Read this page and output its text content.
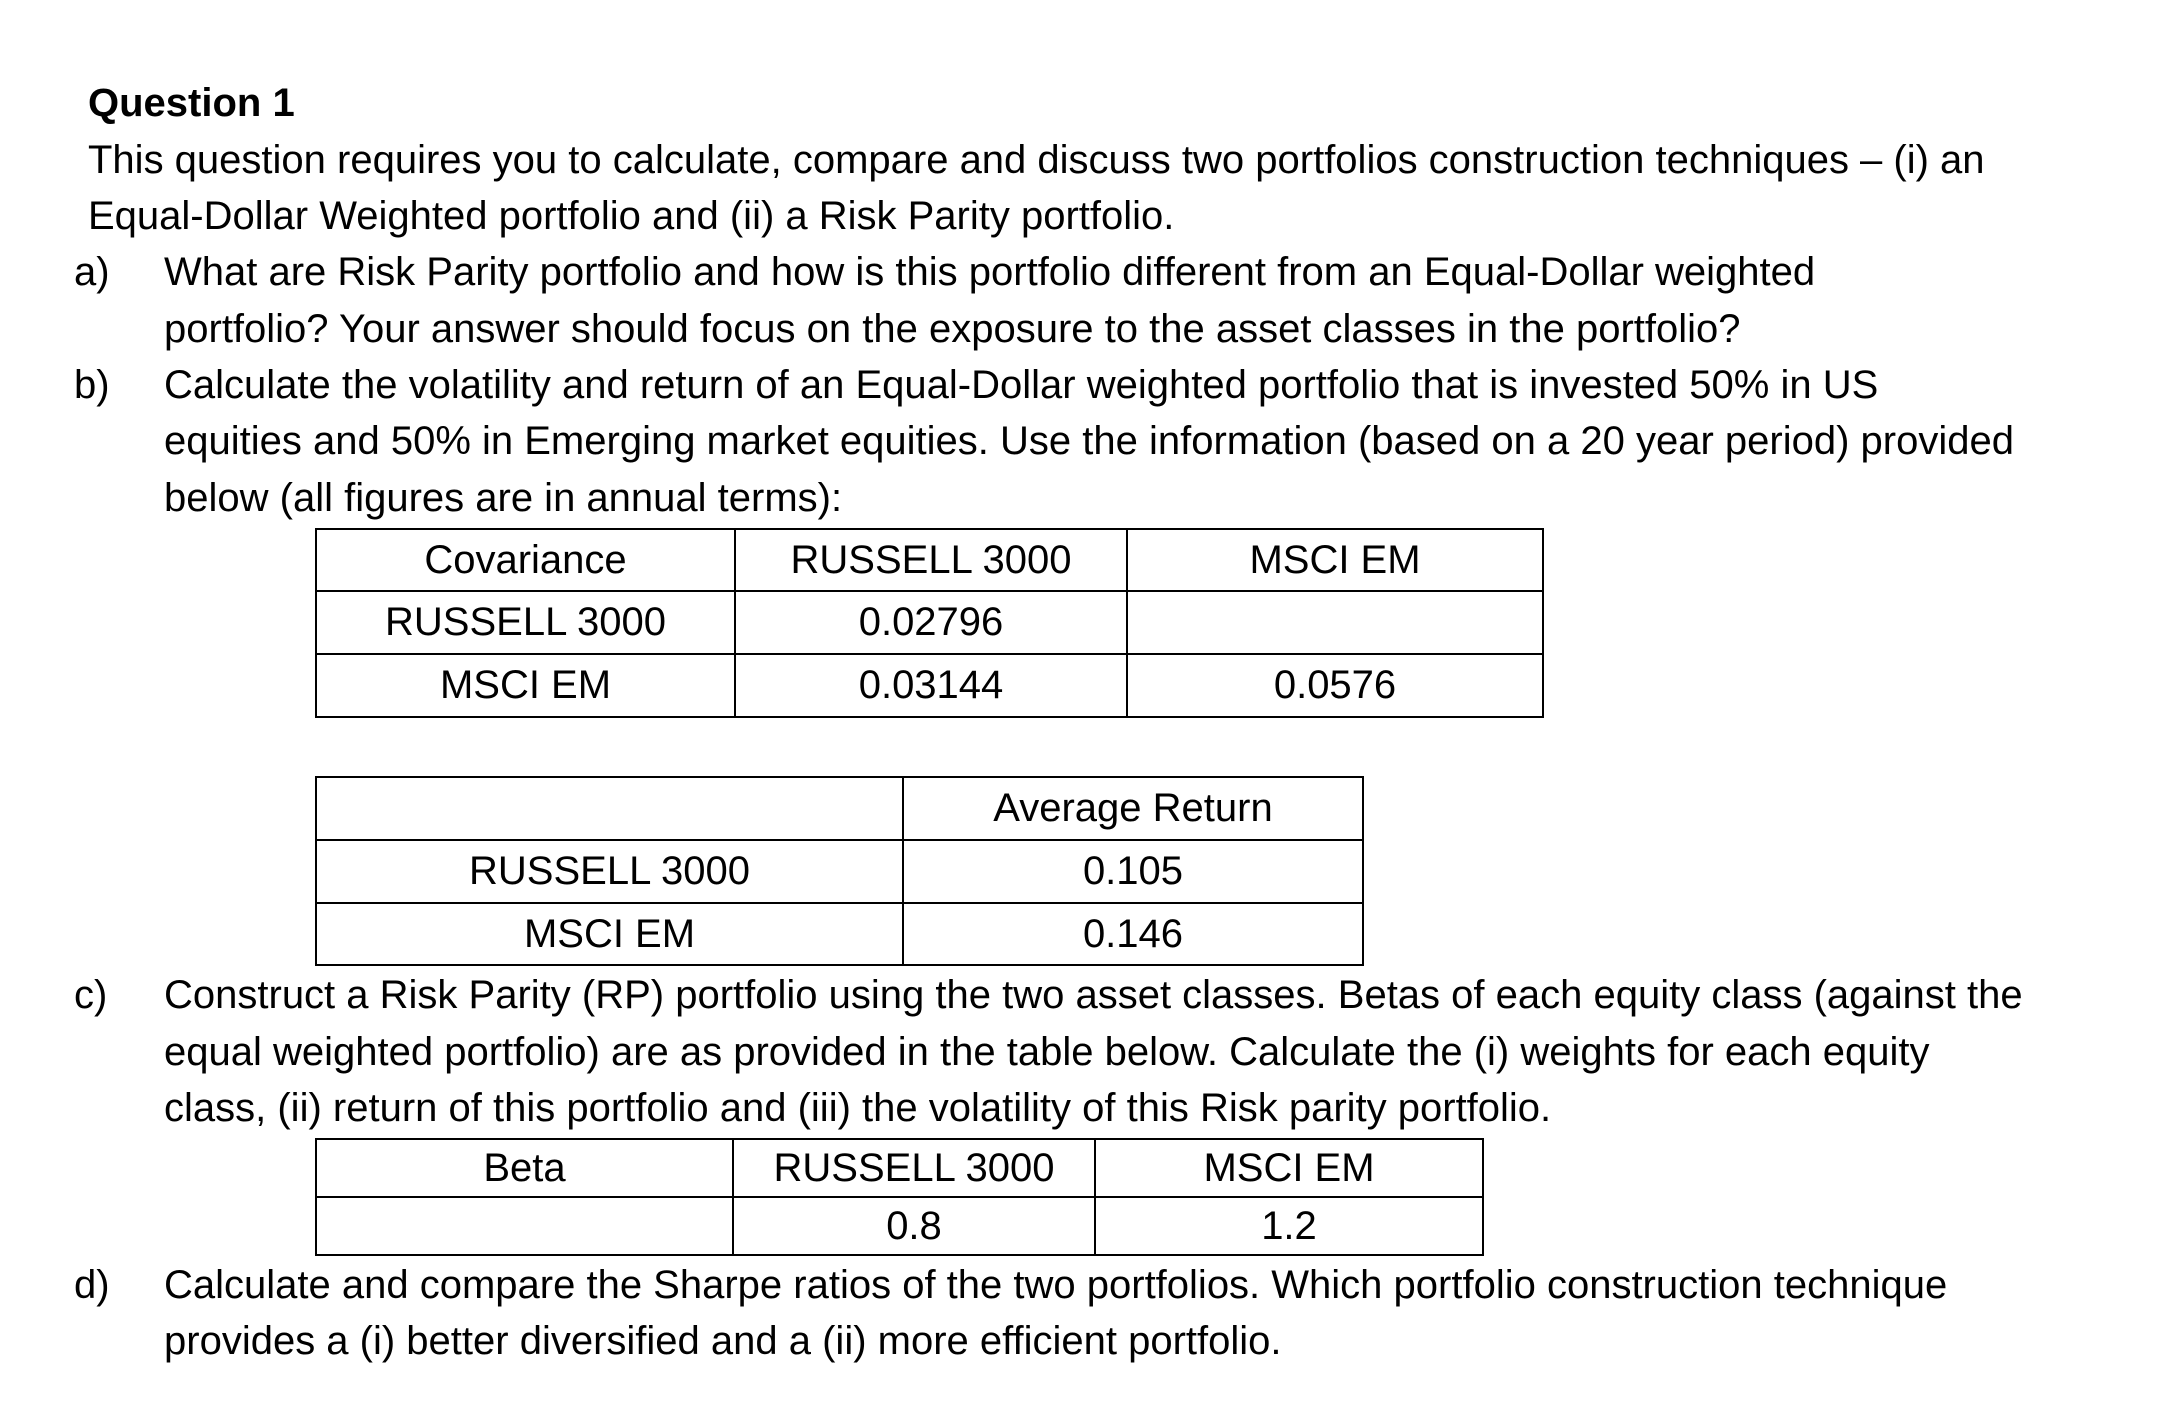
Question 1
This question requires you to calculate, compare and discuss two portfolios construction techniques – (i) an
Equal-Dollar Weighted portfolio and (ii) a Risk Parity portfolio.
a) What are Risk Parity portfolio and how is this portfolio different from an Equal-Dollar weighted
portfolio? Your answer should focus on the exposure to the asset classes in the portfolio?
b) Calculate the volatility and return of an Equal-Dollar weighted portfolio that is invested 50% in US
equities and 50% in Emerging market equities. Use the information (based on a 20 year period) provided
below (all figures are in annual terms):
Covariance	RUSSELL 3000	MSCI EM
RUSSELL 3000	0.02796	
MSCI EM	0.03144	0.0576
	Average Return
RUSSELL 3000	0.105
MSCI EM	0.146
c) Construct a Risk Parity (RP) portfolio using the two asset classes. Betas of each equity class (against the
equal weighted portfolio) are as provided in the table below. Calculate the (i) weights for each equity
class, (ii) return of this portfolio and (iii) the volatility of this Risk parity portfolio.
Beta	RUSSELL 3000	MSCI EM
	0.8	1.2
d) Calculate and compare the Sharpe ratios of the two portfolios. Which portfolio construction technique
provides a (i) better diversified and a (ii) more efficient portfolio.
